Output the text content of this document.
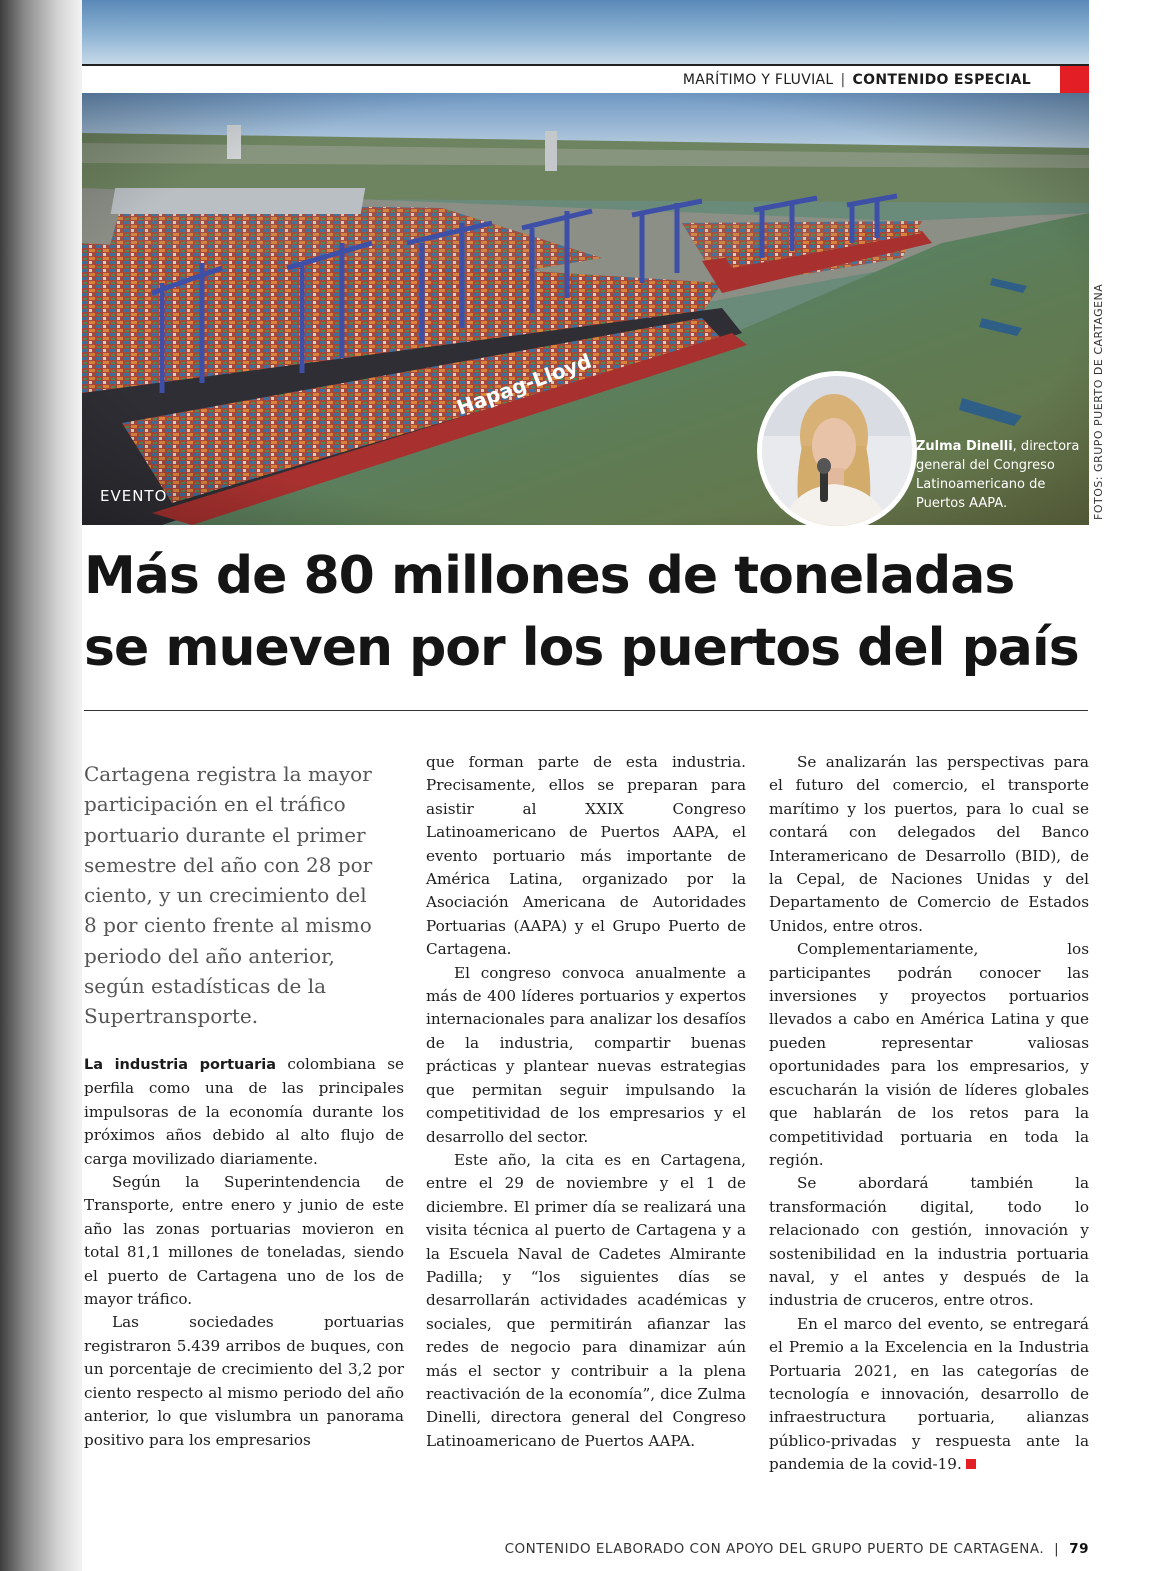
MARÍTIMO Y FLUVIAL | CONTENIDO ESPECIAL
EVENTO
Zulma Dinelli, directora general del Congreso Latinoamericano de Puertos AAPA.	FOTOS: GRUPO PUERTO DE CARTAGENA
Más de 80 millones de toneladas
se mueven por los puertos del país
Cartagena registra la mayor participación en el tráfico portuario durante el primer semestre del año con 28 por ciento, y un crecimiento del 8 por ciento frente al mismo periodo del año anterior, según estadísticas de la Supertransporte.

La industria portuaria colombiana se perfila como una de las principales impulsoras de la economía durante los próximos años debido al alto flujo de carga movilizado diariamente.

Según la Superintendencia de Transporte, entre enero y junio de este año las zonas portuarias movieron en total 81,1 millones de toneladas, siendo el puerto de Cartagena uno de los de mayor tráfico.

Las sociedades portuarias registraron 5.439 arribos de buques, con un porcentaje de crecimiento del 3,2 por ciento respecto al mismo periodo del año anterior, lo que vislumbra un panorama positivo para los empresarios

que forman parte de esta industria. Precisamente, ellos se preparan para asistir al XXIX Congreso Latinoamericano de Puertos AAPA, el evento portuario más importante de América Latina, organizado por la Asociación Americana de Autoridades Portuarias (AAPA) y el Grupo Puerto de Cartagena.

El congreso convoca anualmente a más de 400 líderes portuarios y expertos internacionales para analizar los desafíos de la industria, compartir buenas prácticas y plantear nuevas estrategias que permitan seguir impulsando la competitividad de los empresarios y el desarrollo del sector.

Este año, la cita es en Cartagena, entre el 29 de noviembre y el 1 de diciembre. El primer día se realizará una visita técnica al puerto de Cartagena y a la Escuela Naval de Cadetes Almirante Padilla; y “los siguientes días se desarrollarán actividades académicas y sociales, que permitirán afianzar las redes de negocio para dinamizar aún más el sector y contribuir a la plena reactivación de la economía”, dice Zulma Dinelli, directora general del Congreso Latinoamericano de Puertos AAPA.

Se analizarán las perspectivas para el futuro del comercio, el transporte marítimo y los puertos, para lo cual se contará con delegados del Banco Interamericano de Desarrollo (BID), de la Cepal, de Naciones Unidas y del Departamento de Comercio de Estados Unidos, entre otros.

Complementariamente, los participantes podrán conocer las inversiones y proyectos portuarios llevados a cabo en América Latina y que pueden representar valiosas oportunidades para los empresarios, y escucharán la visión de líderes globales que hablarán de los retos para la competitividad portuaria en toda la región.

Se abordará también la transformación digital, todo lo relacionado con gestión, innovación y sostenibilidad en la industria portuaria naval, y el antes y después de la industria de cruceros, entre otros.

En el marco del evento, se entregará el Premio a la Excelencia en la Industria Portuaria 2021, en las categorías de tecnología e innovación, desarrollo de infraestructura portuaria, alianzas público-privadas y respuesta ante la pandemia de la covid-19.

CONTENIDO ELABORADO CON APOYO DEL GRUPO PUERTO DE CARTAGENA. | 79
